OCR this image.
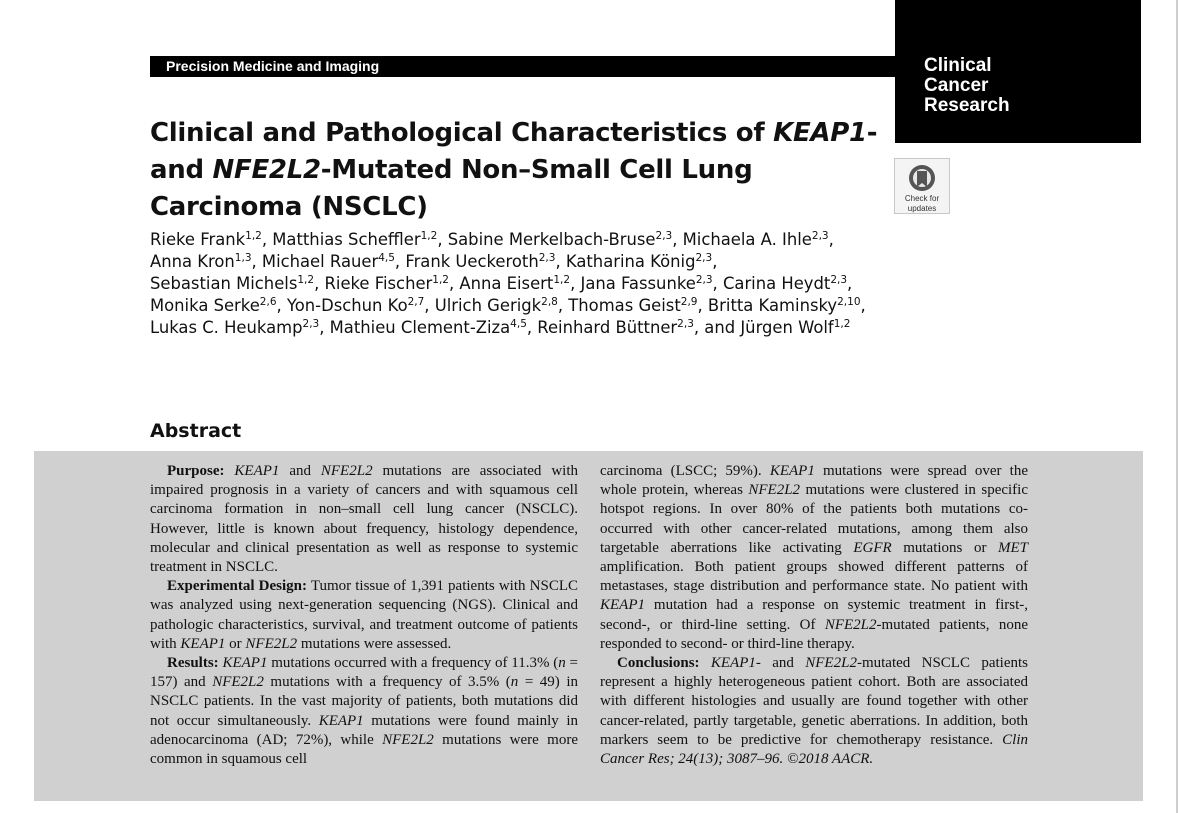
Precision Medicine and Imaging	Clinical
Cancer
Research

Clinical and Pathological Characteristics of KEAP1-
and NFE2L2-Mutated Non–Small Cell Lung
Carcinoma (NSCLC)	Check for
updates

Rieke Frank$^{1,2}$, Matthias Scheffler$^{1,2}$, Sabine Merkelbach-Bruse$^{2,3}$, Michaela A. Ihle$^{2,3}$,
Anna Kron$^{1,3}$, Michael Rauer$^{4,5}$, Frank Ueckeroth$^{2,3}$, Katharina König$^{2,3}$,
Sebastian Michels$^{1,2}$, Rieke Fischer$^{1,2}$, Anna Eisert$^{1,2}$, Jana Fassunke$^{2,3}$, Carina Heydt$^{2,3}$,
Monika Serke$^{2,6}$, Yon-Dschun Ko$^{2,7}$, Ulrich Gerigk$^{2,8}$, Thomas Geist$^{2,9}$, Britta Kaminsky$^{2,10}$,
Lukas C. Heukamp$^{2,3}$, Mathieu Clement-Ziza$^{4,5}$, Reinhard Büttner$^{2,3}$, and Jürgen Wolf$^{1,2}$

Abstract

Purpose: KEAP1 and NFE2L2 mutations are associated with impaired prognosis in a variety of cancers and with squamous cell carcinoma formation in non–small cell lung cancer (NSCLC). However, little is known about frequency, histology dependence, molecular and clinical presentation as well as response to systemic treatment in NSCLC.

Experimental Design: Tumor tissue of 1,391 patients with NSCLC was analyzed using next-generation sequencing (NGS). Clinical and pathologic characteristics, survival, and treatment outcome of patients with KEAP1 or NFE2L2 mutations were assessed.

Results: KEAP1 mutations occurred with a frequency of 11.3% (n = 157) and NFE2L2 mutations with a frequency of 3.5% (n = 49) in NSCLC patients. In the vast majority of patients, both mutations did not occur simultaneously. KEAP1 mutations were found mainly in adenocarcinoma (AD; 72%), while NFE2L2 mutations were more common in squamous cell

carcinoma (LSCC; 59%). KEAP1 mutations were spread over the whole protein, whereas NFE2L2 mutations were clustered in specific hotspot regions. In over 80% of the patients both mutations co-occurred with other cancer-related mutations, among them also targetable aberrations like activating EGFR mutations or MET amplification. Both patient groups showed different patterns of metastases, stage distribution and performance state. No patient with KEAP1 mutation had a response on systemic treatment in first-, second-, or third-line setting. Of NFE2L2-mutated patients, none responded to second- or third-line therapy.

Conclusions: KEAP1- and NFE2L2-mutated NSCLC patients represent a highly heterogeneous patient cohort. Both are associated with different histologies and usually are found together with other cancer-related, partly targetable, genetic aberrations. In addition, both markers seem to be predictive for chemotherapy resistance. Clin Cancer Res; 24(13); 3087–96. ©2018 AACR.
